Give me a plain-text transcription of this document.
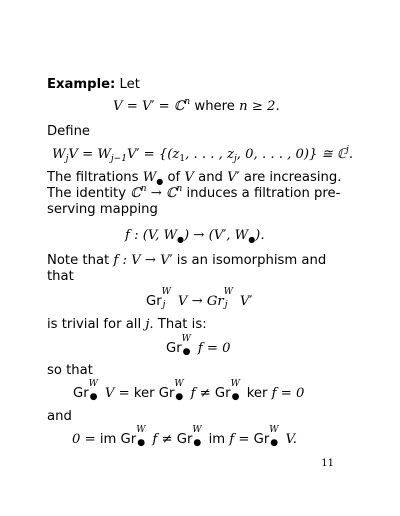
Example: Let
V = V′ = ℂ$^n$ where n ≥ 2.
Define
$W_jV = W_{j-1}V' = \{(z_1$, . . . , $z_j$, 0, . . . , 0)} ≅ ℂ$^j$.
The filtrations $W_●$ of V and V′ are increasing.
The identity ℂ$^n$ → ℂ$^n$ induces a filtration pre-
serving mapping
f : (V, $W_●) \to (V'$, $W_●$).
Note that f : V → V′ is an isomorphism and
that
Gr
W
j V → Gr
W
j V′
is trivial for all j. That is:
Gr
W
● f = 0
so that
Gr
W
● V = ker Gr
W
● f ≠ Gr
W
● ker f = 0
and
0 = im Gr
W
● f ≠ Gr
W
● im f = Gr
W
● V.
11
